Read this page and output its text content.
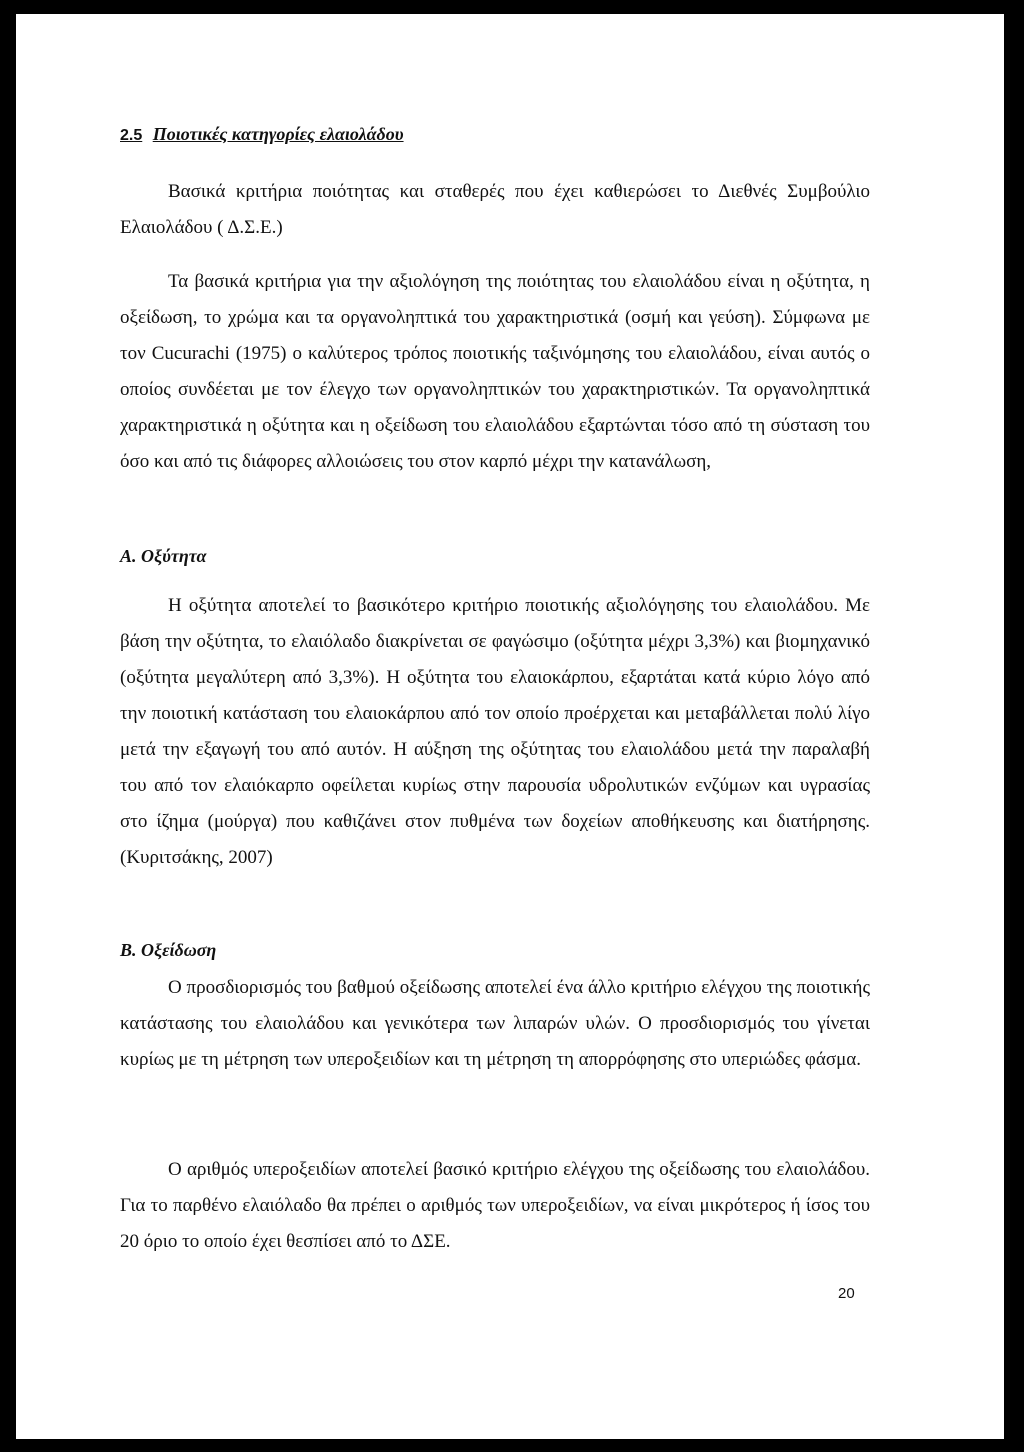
2.5 Ποιοτικές κατηγορίες ελαιολάδου

Βασικά κριτήρια ποιότητας και σταθερές που έχει καθιερώσει το Διεθνές Συμβούλιο Ελαιολάδου ( Δ.Σ.Ε.)

Τα βασικά κριτήρια για την αξιολόγηση της ποιότητας του ελαιολάδου είναι η οξύτητα, η οξείδωση, το χρώμα και τα οργανοληπτικά του χαρακτηριστικά (οσμή και γεύση). Σύμφωνα με τον Cucurachi (1975) ο καλύτερος τρόπος ποιοτικής ταξινόμησης του ελαιολάδου, είναι αυτός ο οποίος συνδέεται με τον έλεγχο των οργανοληπτικών του χαρακτηριστικών. Τα οργανοληπτικά χαρακτηριστικά η οξύτητα και η οξείδωση του ελαιολάδου εξαρτώνται τόσο από τη σύσταση του όσο και από τις διάφορες αλλοιώσεις του στον καρπό μέχρι την κατανάλωση,

Α. Οξύτητα

Η οξύτητα αποτελεί το βασικότερο κριτήριο ποιοτικής αξιολόγησης του ελαιολάδου. Με βάση την οξύτητα, το ελαιόλαδο διακρίνεται σε φαγώσιμο (οξύτητα μέχρι 3,3%) και βιομηχανικό (οξύτητα μεγαλύτερη από 3,3%). Η οξύτητα του ελαιοκάρπου, εξαρτάται κατά κύριο λόγο από την ποιοτική κατάσταση του ελαιοκάρπου από τον οποίο προέρχεται και μεταβάλλεται πολύ λίγο μετά την εξαγωγή του από αυτόν. Η αύξηση της οξύτητας του ελαιολάδου μετά την παραλαβή του από τον ελαιόκαρπο οφείλεται κυρίως στην παρουσία υδρολυτικών ενζύμων και υγρασίας στο ίζημα (μούργα) που καθιζάνει στον πυθμένα των δοχείων αποθήκευσης και διατήρησης. (Κυριτσάκης, 2007)

Β. Οξείδωση

Ο προσδιορισμός του βαθμού οξείδωσης αποτελεί ένα άλλο κριτήριο ελέγχου της ποιοτικής κατάστασης του ελαιολάδου και γενικότερα των λιπαρών υλών. Ο προσδιορισμός του γίνεται κυρίως με τη μέτρηση των υπεροξειδίων και τη μέτρηση τη απορρόφησης στο υπεριώδες φάσμα.

Ο αριθμός υπεροξειδίων αποτελεί βασικό κριτήριο ελέγχου της οξείδωσης του ελαιολάδου. Για το παρθένο ελαιόλαδο θα πρέπει ο αριθμός των υπεροξειδίων, να είναι μικρότερος ή ίσος του 20 όριο το οποίο έχει θεσπίσει από το ΔΣΕ.

20
